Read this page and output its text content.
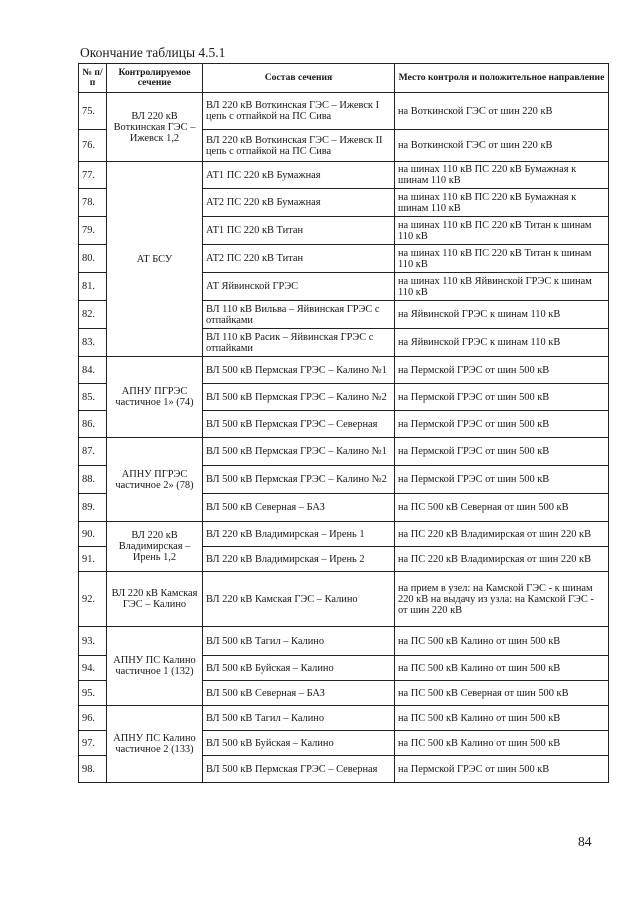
Окончание таблицы 4.5.1
№ п/п	Контролируемое сечение	Состав сечения	Место контроля и положительное направление
75.	ВЛ 220 кВ Воткинская ГЭС – Ижевск 1,2	ВЛ 220 кВ Воткинская ГЭС – Ижевск I цепь с отпайкой на ПС Сива	на Воткинской ГЭС от шин 220 кВ
76.		ВЛ 220 кВ Воткинская ГЭС – Ижевск II цепь с отпайкой на ПС Сива	на Воткинской ГЭС от шин 220 кВ
77.	АТ БСУ	АТ1 ПС 220 кВ Бумажная	на шинах 110 кВ ПС 220 кВ Бумажная к шинам 110 кВ
78.		АТ2 ПС 220 кВ Бумажная	на шинах 110 кВ ПС 220 кВ Бумажная к шинам 110 кВ
79.		АТ1 ПС 220 кВ Титан	на шинах 110 кВ ПС 220 кВ Титан к шинам 110 кВ
80.		АТ2 ПС 220 кВ Титан	на шинах 110 кВ ПС 220 кВ Титан к шинам 110 кВ
81.		АТ Яйвинской ГРЭС	на шинах 110 кВ Яйвинской ГРЭС к шинам 110 кВ
82.		ВЛ 110 кВ Вильва – Яйвинская ГРЭС с отпайками	на Яйвинской ГРЭС к шинам 110 кВ
83.		ВЛ 110 кВ Расик – Яйвинская ГРЭС с отпайками	на Яйвинской ГРЭС к шинам 110 кВ
84.	АПНУ ПГРЭС частичное 1» (74)	ВЛ 500 кВ Пермская ГРЭС – Калино №1	на Пермской ГРЭС от шин 500 кВ
85.		ВЛ 500 кВ Пермская ГРЭС – Калино №2	на Пермской ГРЭС от шин 500 кВ
86.		ВЛ 500 кВ Пермская ГРЭС – Северная	на Пермской ГРЭС от шин 500 кВ
87.	АПНУ ПГРЭС частичное 2» (78)	ВЛ 500 кВ Пермская ГРЭС – Калино №1	на Пермской ГРЭС от шин 500 кВ
88.		ВЛ 500 кВ Пермская ГРЭС – Калино №2	на Пермской ГРЭС от шин 500 кВ
89.		ВЛ 500 кВ Северная – БАЗ	на ПС 500 кВ Северная от шин 500 кВ
90.	ВЛ 220 кВ Владимирская – Ирень 1,2	ВЛ 220 кВ Владимирская – Ирень 1	на ПС 220 кВ Владимирская от шин 220 кВ
91.		ВЛ 220 кВ Владимирская – Ирень 2	на ПС 220 кВ Владимирская от шин 220 кВ
92.	ВЛ 220 кВ Камская ГЭС – Калино	ВЛ 220 кВ Камская ГЭС – Калино	на прием в узел: на Камской ГЭС - к шинам 220 кВ на выдачу из узла: на Камской ГЭС - от шин 220 кВ
93.	АПНУ ПС Калино частичное 1 (132)	ВЛ 500 кВ Тагил – Калино	на ПС 500 кВ Калино от шин 500 кВ
94.		ВЛ 500 кВ Буйская – Калино	на ПС 500 кВ Калино от шин 500 кВ
95.		ВЛ 500 кВ Северная – БАЗ	на ПС 500 кВ Северная от шин 500 кВ
96.	АПНУ ПС Калино частичное 2 (133)	ВЛ 500 кВ Тагил – Калино	на ПС 500 кВ Калино от шин 500 кВ
97.		ВЛ 500 кВ Буйская – Калино	на ПС 500 кВ Калино от шин 500 кВ
98.		ВЛ 500 кВ Пермская ГРЭС – Северная	на Пермской ГРЭС от шин 500 кВ
84
